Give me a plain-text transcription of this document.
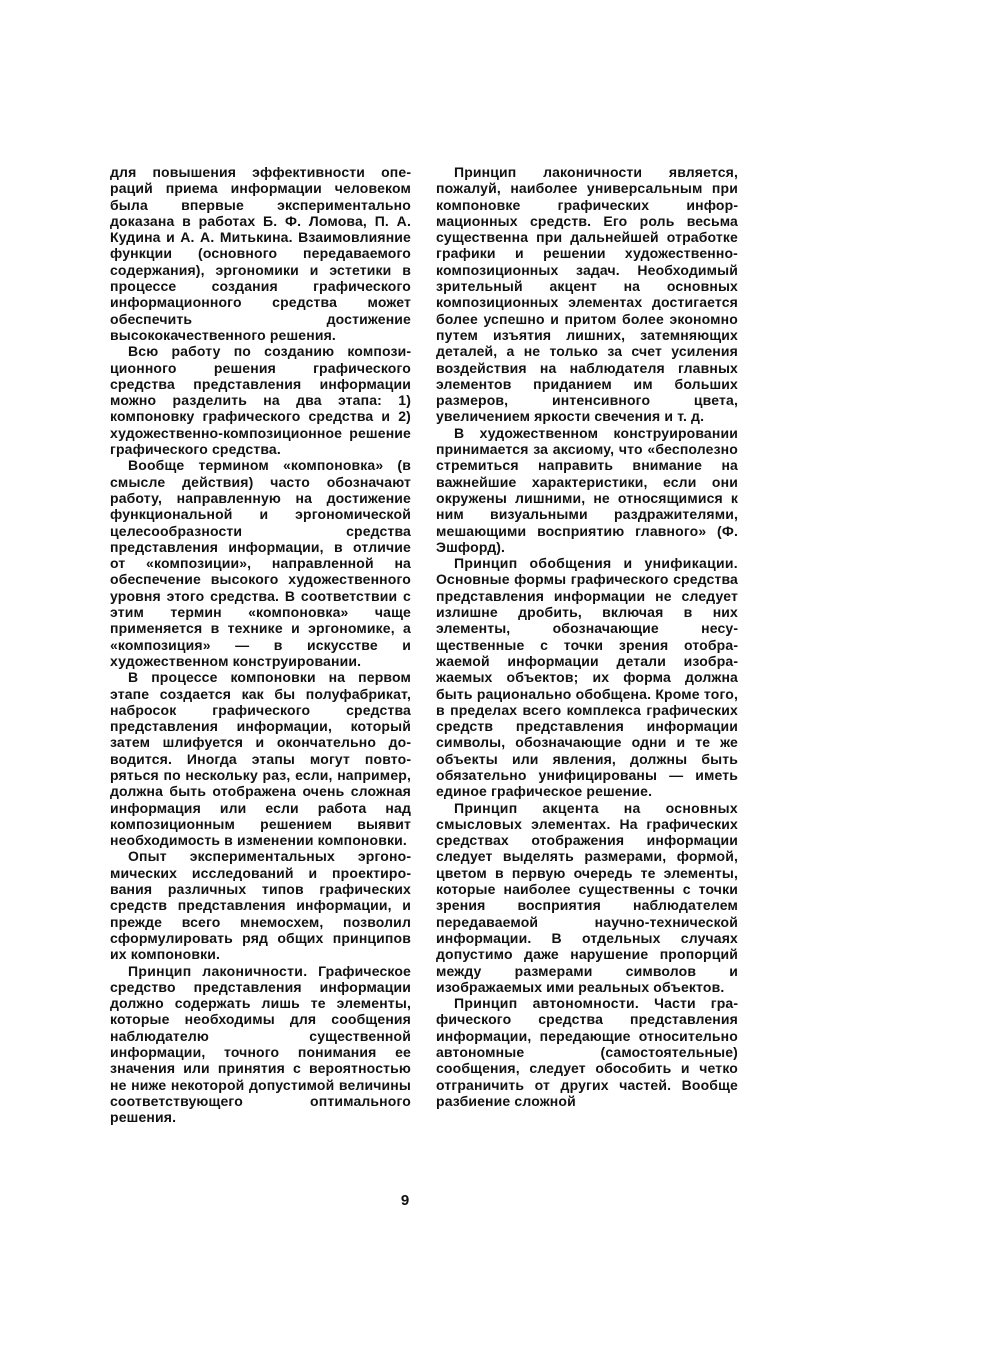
для повышения эффективности операций приема информации человеком была впервые экспериментально доказана в работах Б. Ф. Ломова, П. А. Кудина и А. А. Митькина. Взаимовлияние функции (основного передаваемого содержания), эргономики и эстетики в процессе создания графического информационного средства может обеспечить достижение высококачественного решения.

Всю работу по созданию композиционного решения графического средства представления информации можно разделить на два этапа: 1) компоновку графического средства и 2) художественно-композиционное решение графического средства.

Вообще термином «компоновка» (в смысле действия) часто обозначают работу, направленную на достижение функциональной и эргономической целесообразности средства представления информации, в отличие от «композиции», направленной на обеспечение высокого художественного уровня этого средства. В соответствии с этим термин «компоновка» чаще применяется в технике и эргономике, а «композиция» — в искусстве и художественном конструировании.

В процессе компоновки на первом этапе создается как бы полуфабрикат, набросок графического средства представления информации, который затем шлифуется и окончательно доводится. Иногда этапы могут повторяться по нескольку раз, если, например, должна быть отображена очень сложная информация или если работа над композиционным решением выявит необходимость в изменении компоновки.

Опыт экспериментальных эргономических исследований и проектирования различных типов графических средств представления информации, и прежде всего мнемосхем, позволил сформулировать ряд общих принципов их компоновки.

Принцип лаконичности. Графическое средство представления информации должно содержать лишь те элементы, которые необходимы для сообщения наблюдателю существенной информации, точного понимания ее значения или принятия с вероятностью не ниже некоторой допустимой величины соответствующего оптимального решения.

Принцип лаконичности является, пожалуй, наиболее универсальным при компоновке графических информационных средств. Его роль весьма существенна при дальнейшей отработке графики и решении художественно-композиционных задач. Необходимый зрительный акцент на основных композиционных элементах достигается более успешно и притом более экономно путем изъятия лишних, затемняющих деталей, а не только за счет усиления воздействия на наблюдателя главных элементов приданием им больших размеров, интенсивного цвета, увеличением яркости свечения и т. д.

В художественном конструировании принимается за аксиому, что «бесполезно стремиться направить внимание на важнейшие характеристики, если они окружены лишними, не относящимися к ним визуальными раздражителями, мешающими восприятию главного» (Ф. Эшфорд).

Принцип обобщения и унификации. Основные формы графического средства представления информации не следует излишне дробить, включая в них элементы, обозначающие несущественные с точки зрения отображаемой информации детали изображаемых объектов; их форма должна быть рационально обобщена. Кроме того, в пределах всего комплекса графических средств представления информации символы, обозначающие одни и те же объекты или явления, должны быть обязательно унифицированы — иметь единое графическое решение.

Принцип акцента на основных смысловых элементах. На графических средствах отображения информации следует выделять размерами, формой, цветом в первую очередь те элементы, которые наиболее существенны с точки зрения восприятия наблюдателем передаваемой научно-технической информации. В отдельных случаях допустимо даже нарушение пропорций между размерами символов и изображаемых ими реальных объектов.

Принцип автономности. Части графического средства представления информации, передающие относительно автономные (самостоятельные) сообщения, следует обособить и четко отграничить от других частей. Вообще разбиение сложной

9
